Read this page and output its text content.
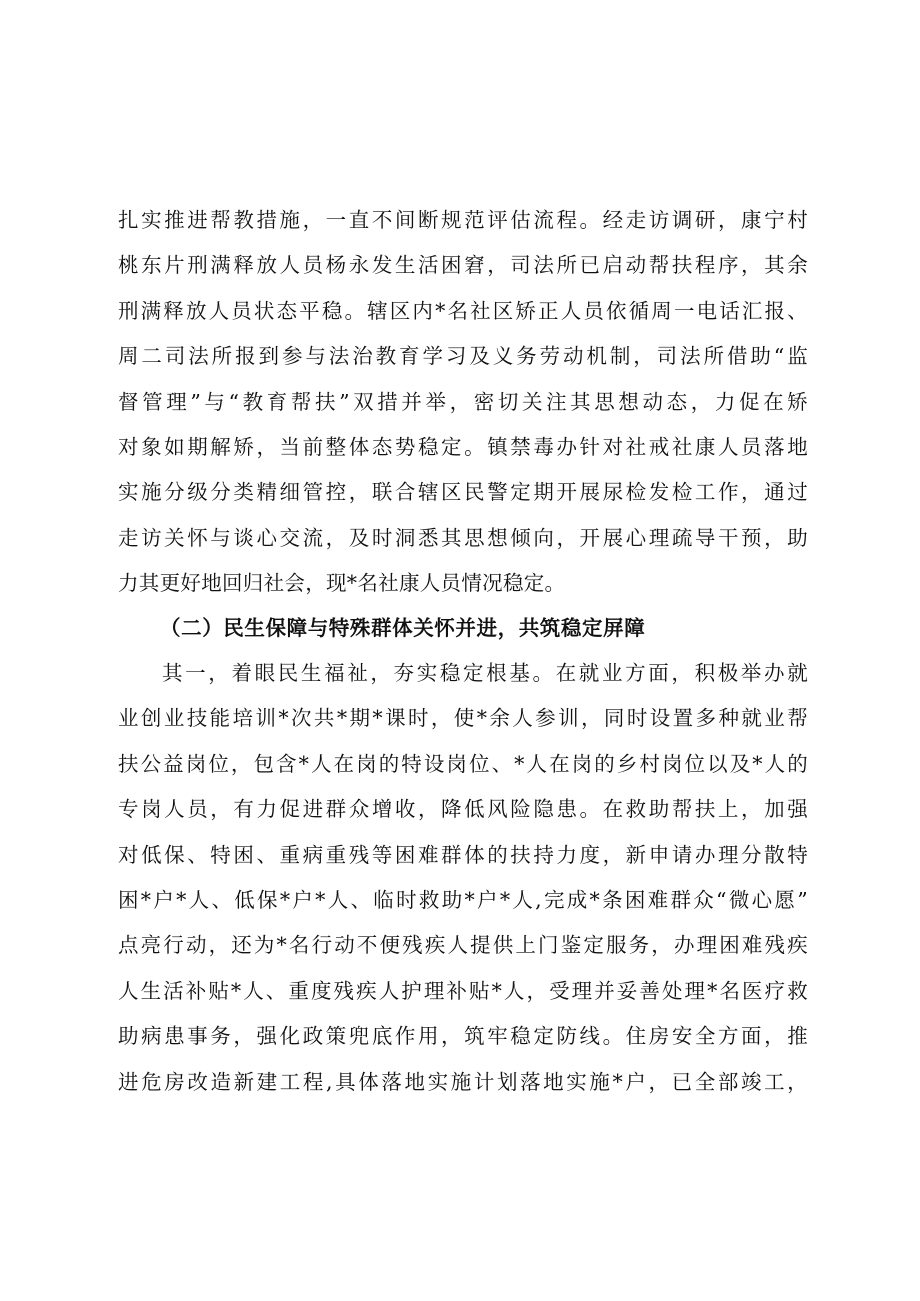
扎实推进帮教措施，一直不间断规范评估流程。经走访调研，康宁村
桃东片刑满释放人员杨永发生活困窘，司法所已启动帮扶程序，其余
刑满释放人员状态平稳。辖区内*名社区矫正人员依循周一电话汇报、
周二司法所报到参与法治教育学习及义务劳动机制，司法所借助“监
督管理”与“教育帮扶”双措并举，密切关注其思想动态，力促在矫
对象如期解矫，当前整体态势稳定。镇禁毒办针对社戒社康人员落地
实施分级分类精细管控，联合辖区民警定期开展尿检发检工作，通过
走访关怀与谈心交流，及时洞悉其思想倾向，开展心理疏导干预，助
力其更好地回归社会，现*名社康人员情况稳定。
（二）民生保障与特殊群体关怀并进，共筑稳定屏障
其一，着眼民生福祉，夯实稳定根基。在就业方面，积极举办就
业创业技能培训*次共*期*课时，使*余人参训，同时设置多种就业帮
扶公益岗位，包含*人在岗的特设岗位、*人在岗的乡村岗位以及*人的
专岗人员，有力促进群众增收，降低风险隐患。在救助帮扶上，加强
对低保、特困、重病重残等困难群体的扶持力度，新申请办理分散特
困*户*人、低保*户*人、临时救助*户*人,完成*条困难群众“微心愿”
点亮行动，还为*名行动不便残疾人提供上门鉴定服务，办理困难残疾
人生活补贴*人、重度残疾人护理补贴*人，受理并妥善处理*名医疗救
助病患事务，强化政策兜底作用，筑牢稳定防线。住房安全方面，推
进危房改造新建工程,具体落地实施计划落地实施*户，已全部竣工，
